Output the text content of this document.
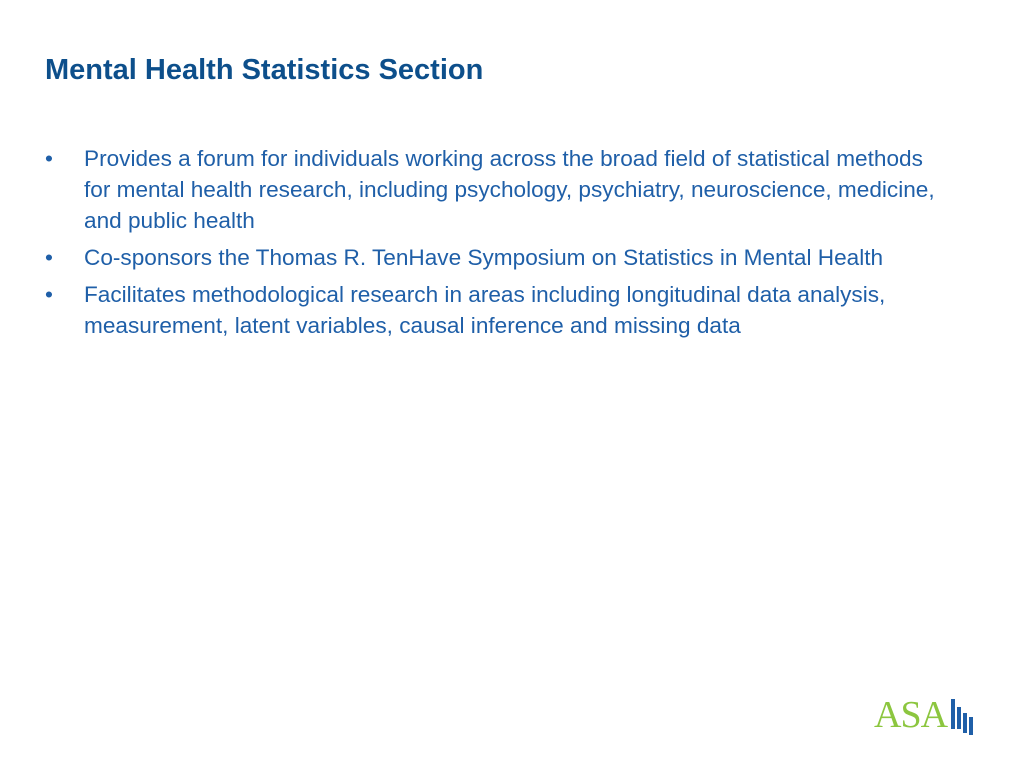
Mental Health Statistics Section
•	Provides a forum for individuals working across the broad field of statistical methods for mental health research, including psychology, psychiatry, neuroscience, medicine, and public health
•	Co-sponsors the Thomas R. TenHave Symposium on Statistics in Mental Health
•	Facilitates methodological research in areas including longitudinal data analysis, measurement, latent variables, causal inference and missing data
ASA
